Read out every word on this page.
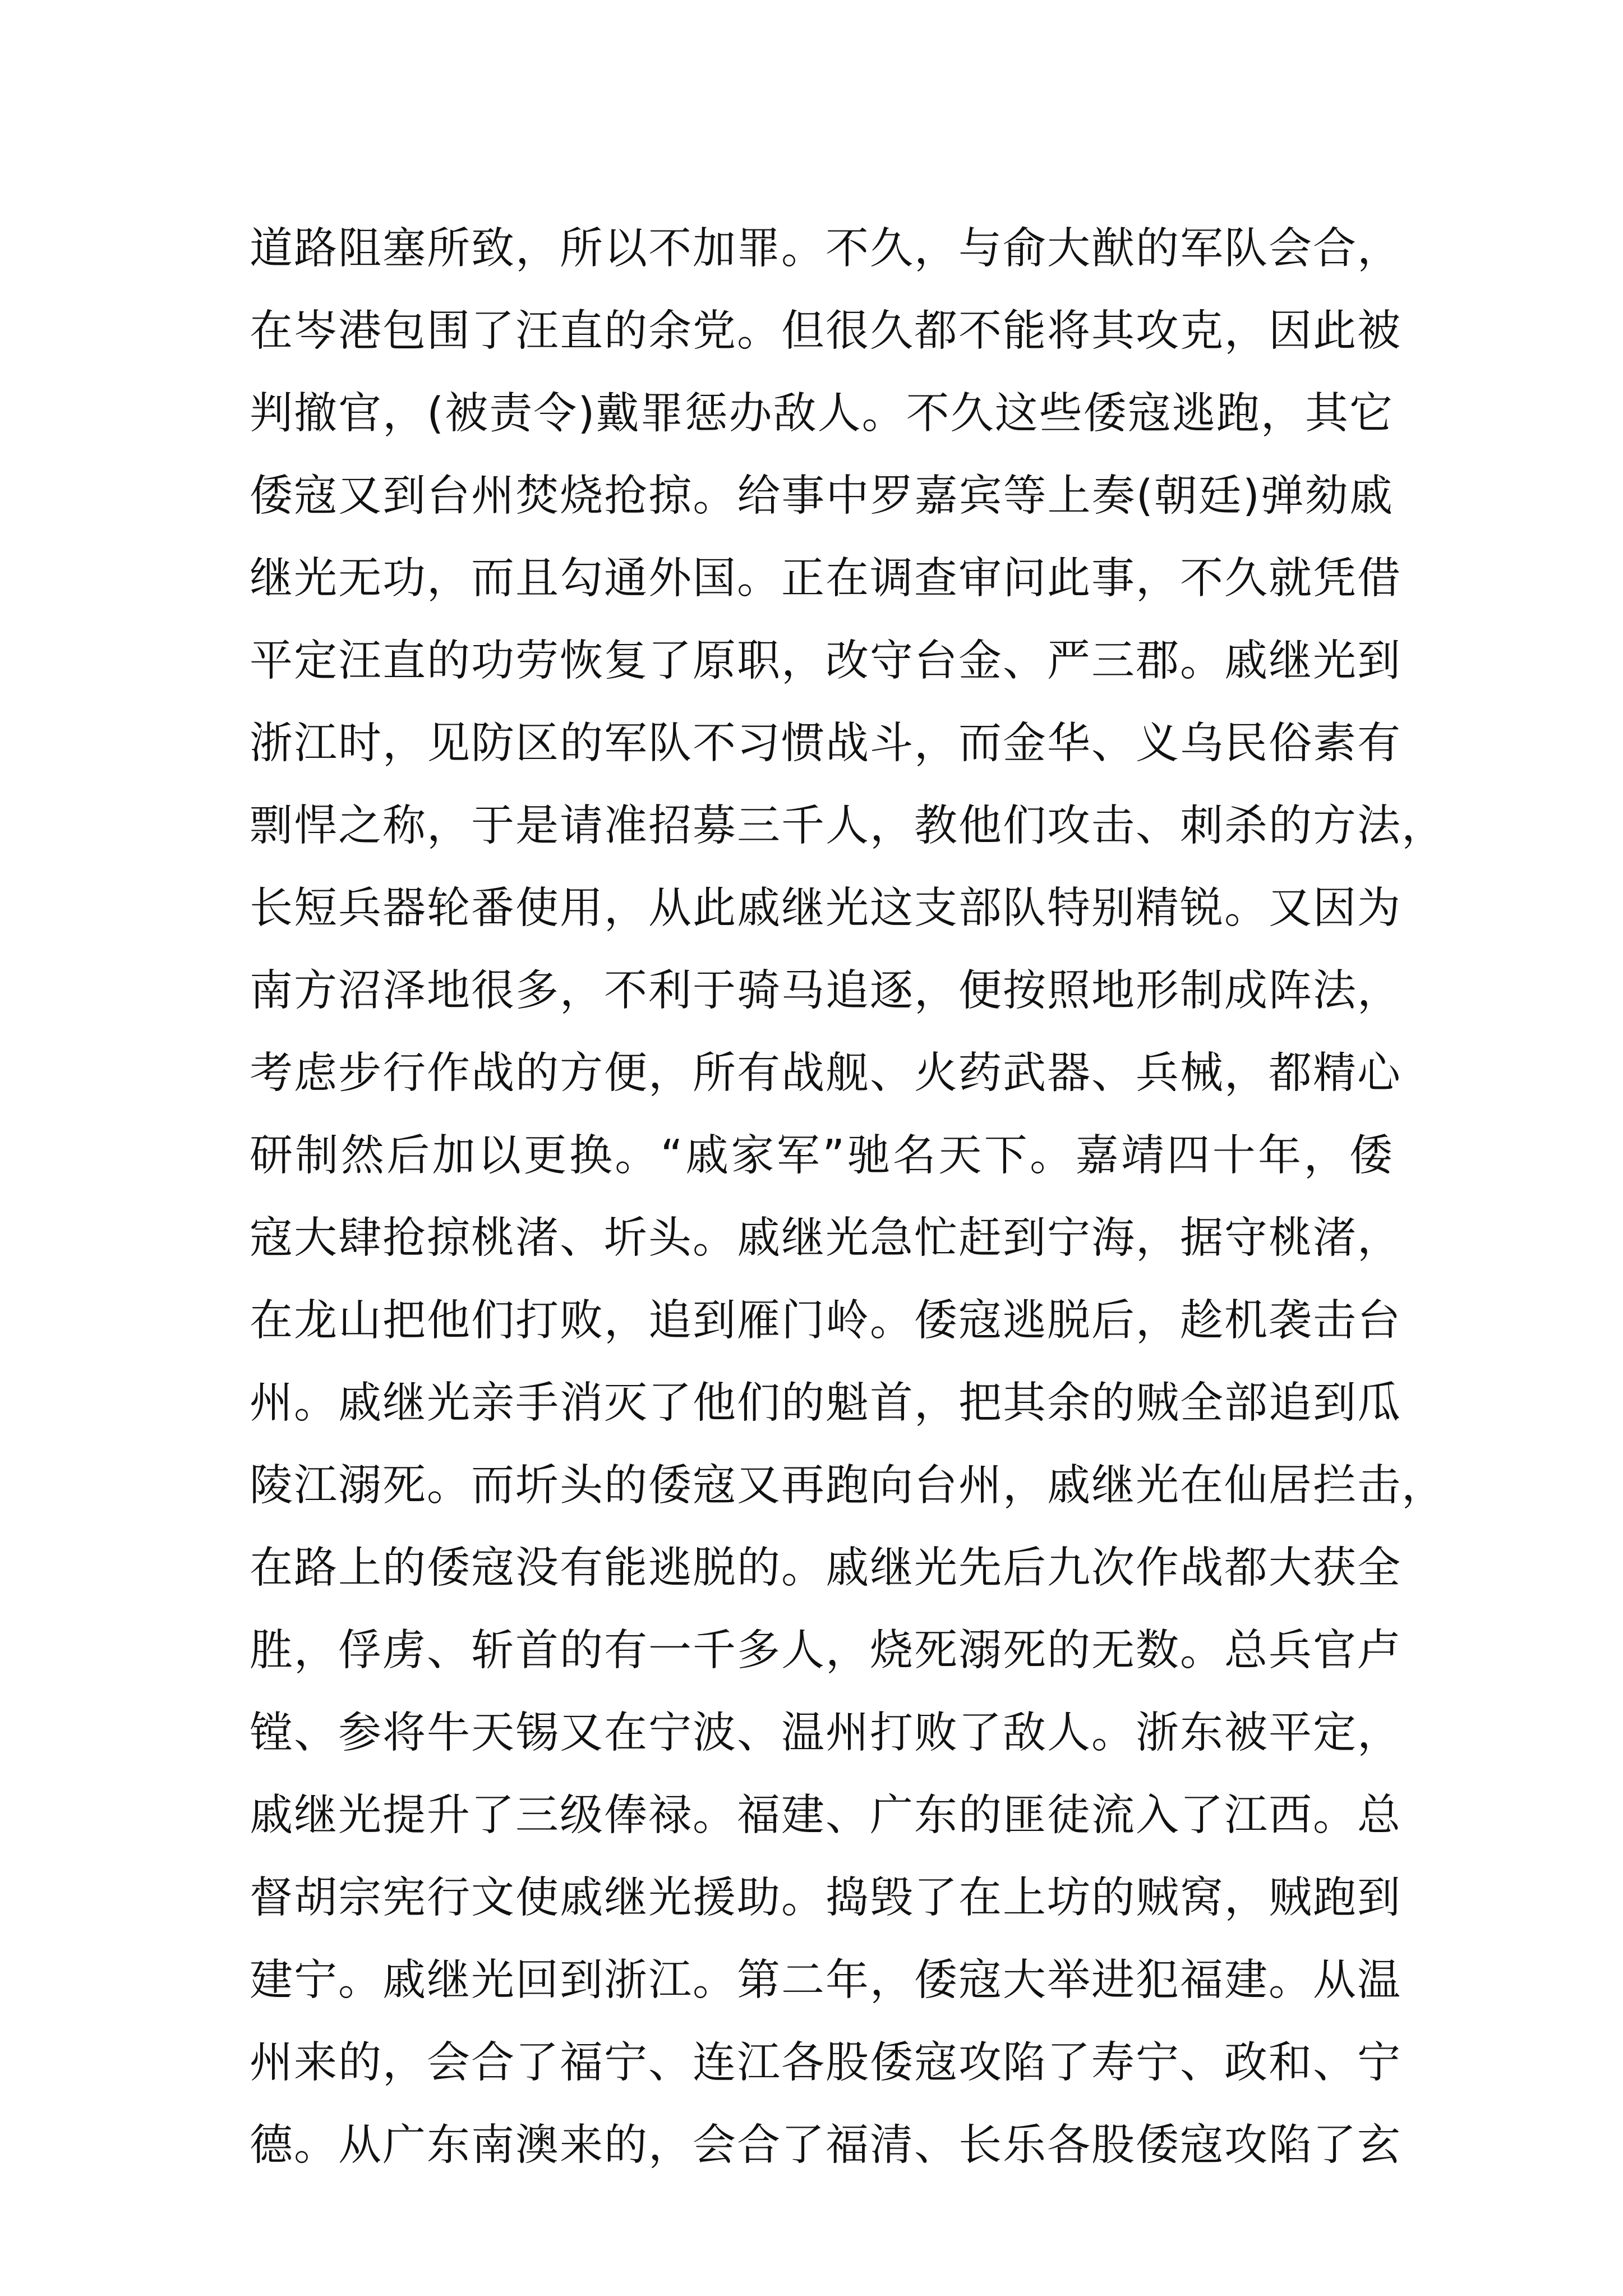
道路阻塞所致，所以不加罪。不久，与俞大猷的军队会合，
在岑港包围了汪直的余党。但很久都不能将其攻克，因此被
判撤官，(被责令)戴罪惩办敌人。不久这些倭寇逃跑，其它
倭寇又到台州焚烧抢掠。给事中罗嘉宾等上奏(朝廷)弹劾戚
继光无功，而且勾通外国。正在调查审问此事，不久就凭借
平定汪直的功劳恢复了原职，改守台金、严三郡。戚继光到
浙江时，见防区的军队不习惯战斗，而金华、义乌民俗素有
剽悍之称，于是请准招募三千人，教他们攻击、刺杀的方法，
长短兵器轮番使用，从此戚继光这支部队特别精锐。又因为
南方沼泽地很多，不利于骑马追逐，便按照地形制成阵法，
考虑步行作战的方便，所有战舰、火药武器、兵械，都精心
研制然后加以更换。“戚家军”驰名天下。嘉靖四十年，倭
寇大肆抢掠桃渚、圻头。戚继光急忙赶到宁海，据守桃渚，
在龙山把他们打败，追到雁门岭。倭寇逃脱后，趁机袭击台
州。戚继光亲手消灭了他们的魁首，把其余的贼全部追到瓜
陵江溺死。而圻头的倭寇又再跑向台州，戚继光在仙居拦击，
在路上的倭寇没有能逃脱的。戚继光先后九次作战都大获全
胜，俘虏、斩首的有一千多人，烧死溺死的无数。总兵官卢
镗、参将牛天锡又在宁波、温州打败了敌人。浙东被平定，
戚继光提升了三级俸禄。福建、广东的匪徒流入了江西。总
督胡宗宪行文使戚继光援助。捣毁了在上坊的贼窝，贼跑到
建宁。戚继光回到浙江。第二年，倭寇大举进犯福建。从温
州来的，会合了福宁、连江各股倭寇攻陷了寿宁、政和、宁
德。从广东南澳来的，会合了福清、长乐各股倭寇攻陷了玄
